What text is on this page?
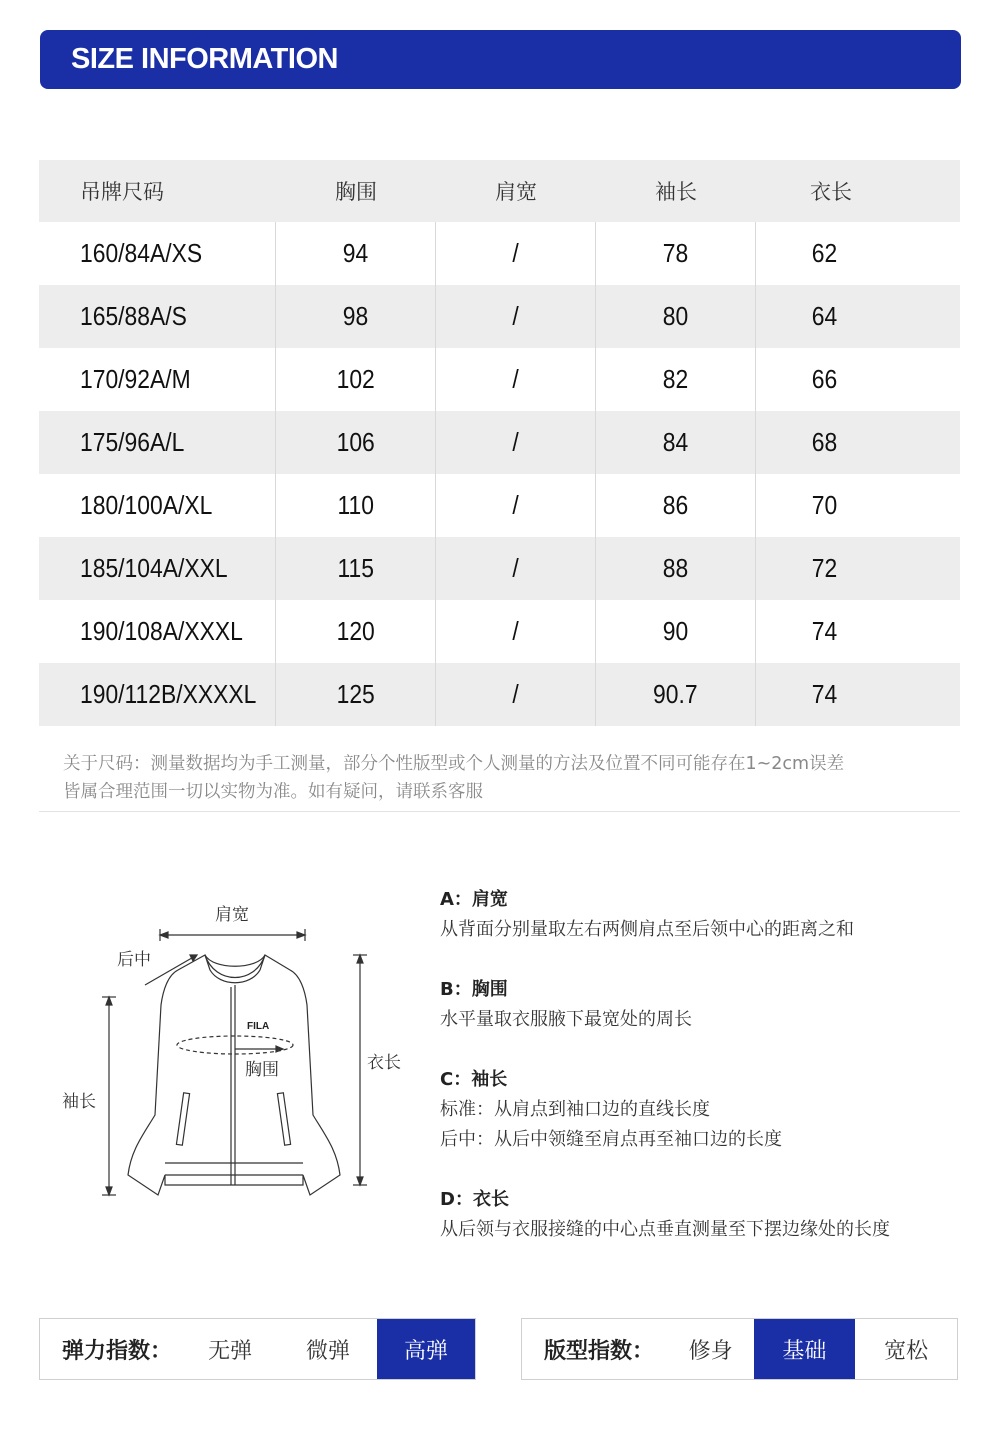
SIZE INFORMATION
吊牌尺码	胸围	肩宽	袖长	衣长
160/84A/XS	94	/	78	62
165/88A/S	98	/	80	64
170/92A/M	102	/	82	66
175/96A/L	106	/	84	68
180/100A/XL	110	/	86	70
185/104A/XXL	115	/	88	72
190/108A/XXXL	120	/	90	74
190/112B/XXXXL	125	/	90.7	74
关于尺码：测量数据均为手工测量，部分个性版型或个人测量的方法及位置不同可能存在1~2cm误差
皆属合理范围一切以实物为准。如有疑问，请联系客服
肩宽
后中
胸围
袖长
衣长
FILA
A：肩宽
从背面分别量取左右两侧肩点至后领中心的距离之和
B：胸围
水平量取衣服腋下最宽处的周长
C：袖长
标准：从肩点到袖口边的直线长度
后中：从后中领缝至肩点再至袖口边的长度
D：衣长
从后领与衣服接缝的中心点垂直测量至下摆边缘处的长度
弹力指数：	无弹	微弹	高弹	版型指数：	修身	基础	宽松
